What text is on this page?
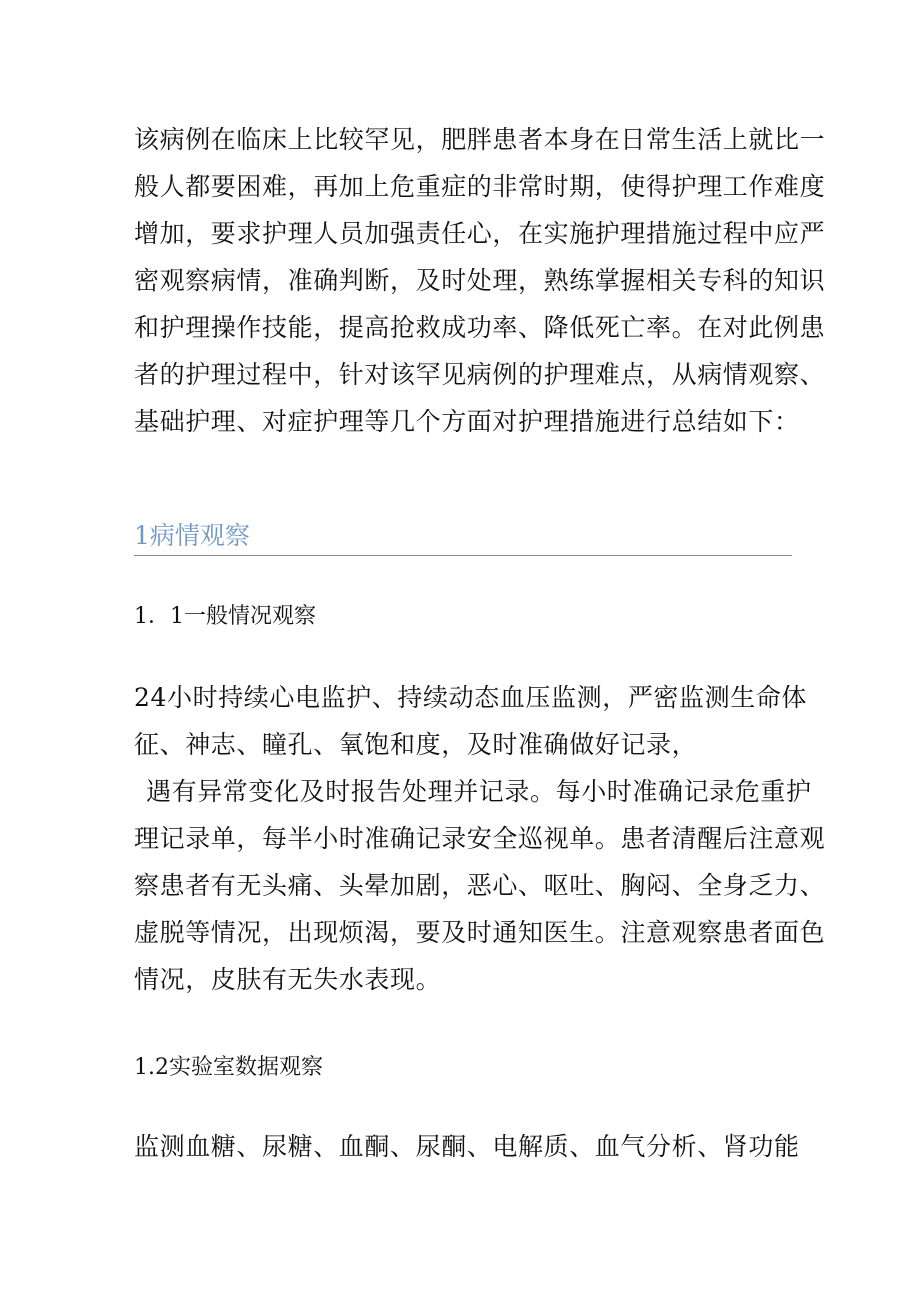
该病例在临床上比较罕见，肥胖患者本身在日常生活上就比一
般人都要困难，再加上危重症的非常时期，使得护理工作难度
增加，要求护理人员加强责任心，在实施护理措施过程中应严
密观察病情，准确判断，及时处理，熟练掌握相关专科的知识
和护理操作技能，提高抢救成功率、降低死亡率。在对此例患
者的护理过程中，针对该罕见病例的护理难点，从病情观察、
基础护理、对症护理等几个方面对护理措施进行总结如下：
1病情观察
1．1一般情况观察
24小时持续心电监护、持续动态血压监测，严密监测生命体
征、神志、瞳孔、氧饱和度，及时准确做好记录，
遇有异常变化及时报告处理并记录。每小时准确记录危重护
理记录单，每半小时准确记录安全巡视单。患者清醒后注意观
察患者有无头痛、头晕加剧，恶心、呕吐、胸闷、全身乏力、
虚脱等情况，出现烦渴，要及时通知医生。注意观察患者面色
情况，皮肤有无失水表现。
1.2实验室数据观察
监测血糖、尿糖、血酮、尿酮、电解质、血气分析、肾功能
